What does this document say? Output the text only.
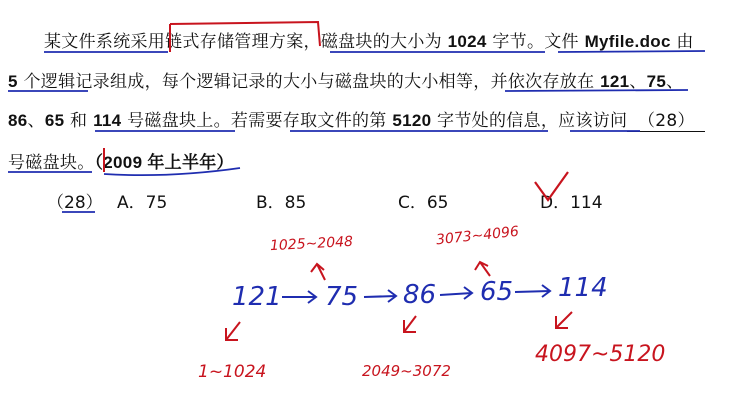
某文件系统采用链式存储管理方案，磁盘块的大小为 1024 字节。文件 Myfile.doc 由
5 个逻辑记录组成，每个逻辑记录的大小与磁盘块的大小相等，并依次存放在 121、75、
86、65 和 114 号磁盘块上。若需要存取文件的第 5120 字节处的信息，应该访问 （28）
号磁盘块。（2009 年上半年）
（28） A．75	B．85	C．65	D．114
121 75 86 65 114
1025~2048	3073~4096
1~1024	2049~3072
4097~5120
